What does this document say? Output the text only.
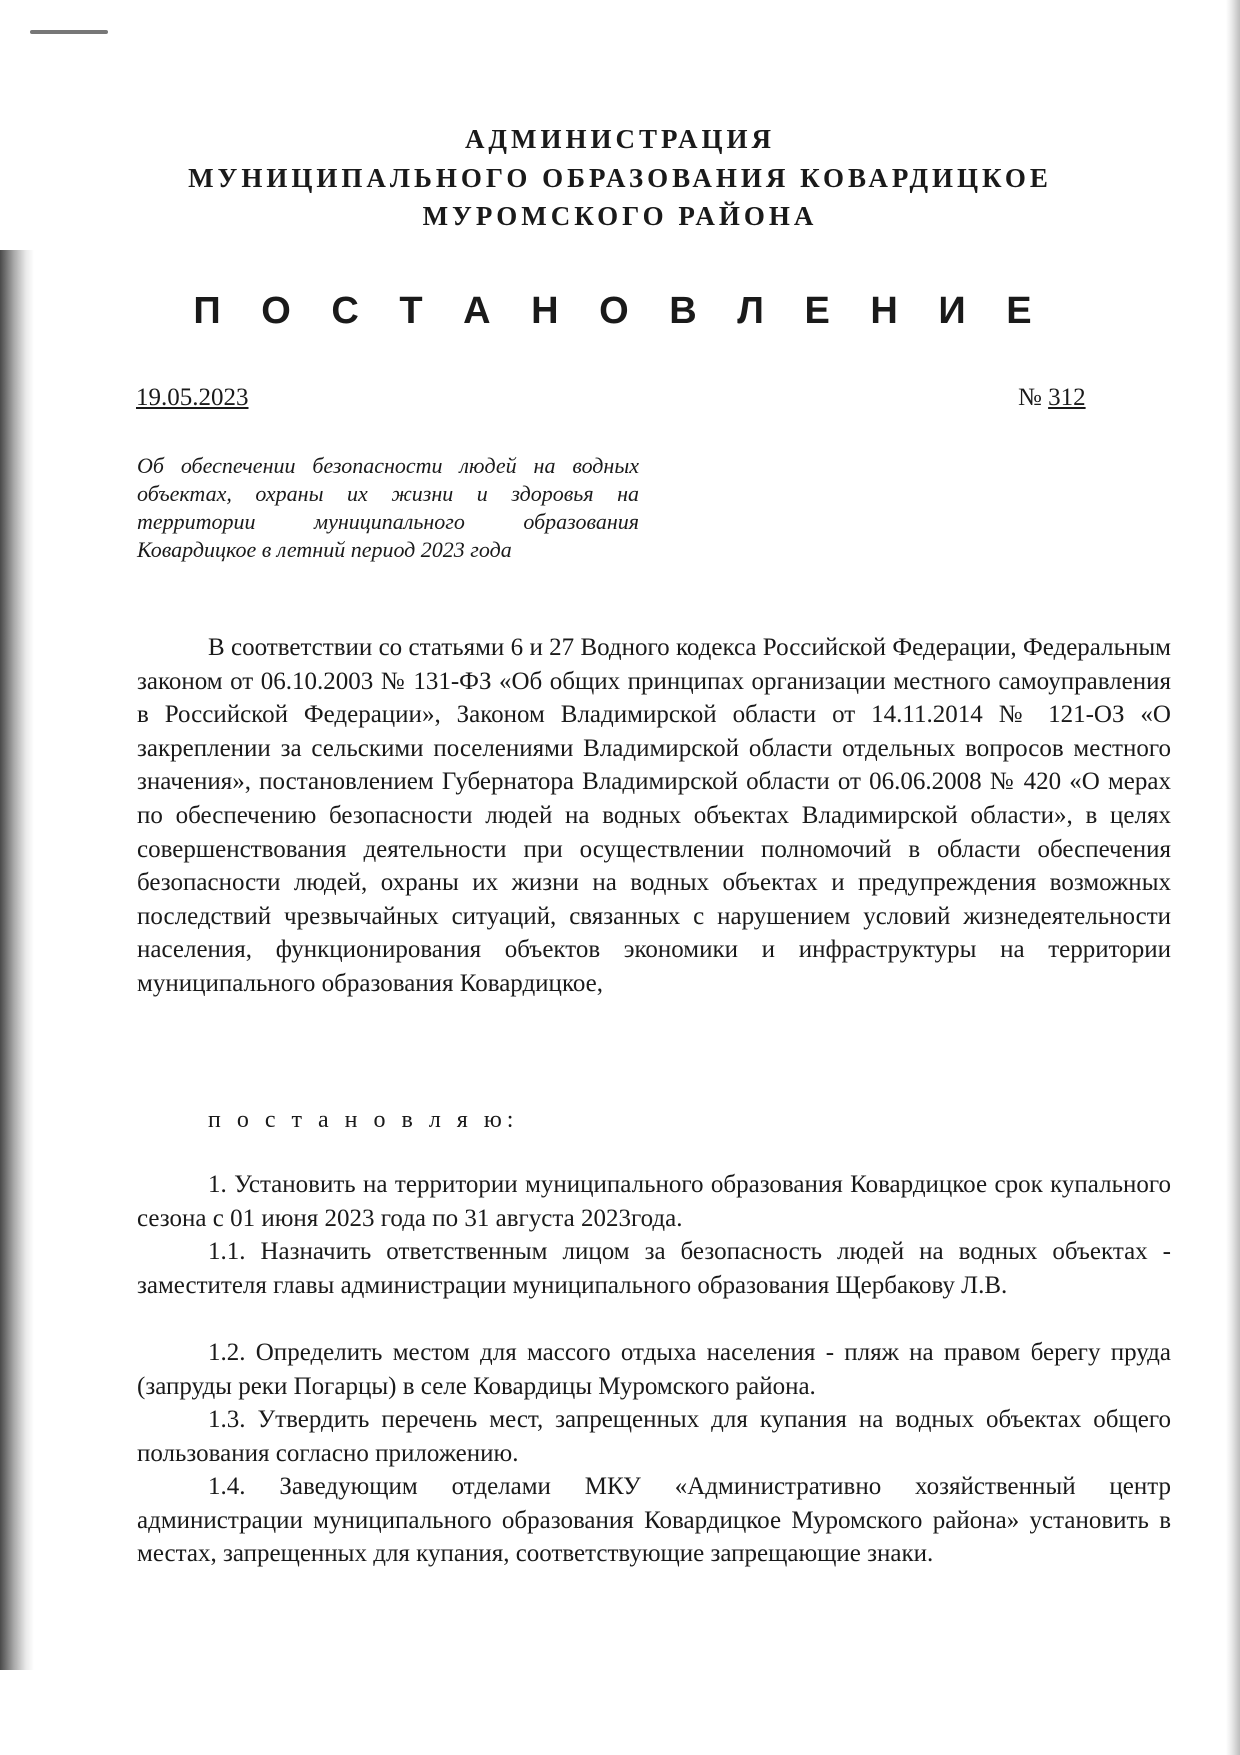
АДМИНИСТРАЦИЯ
МУНИЦИПАЛЬНОГО ОБРАЗОВАНИЯ КОВАРДИЦКОЕ
МУРОМСКОГО РАЙОНА
П О С Т А Н О В Л Е Н И Е
19.05.2023	№ 312
Об обеспечении безопасности людей на водных объектах, охраны их жизни и здоровья на территории муниципального образования Ковардицкое в летний период 2023 года
В соответствии со статьями 6 и 27 Водного кодекса Российской Федерации, Федеральным законом от 06.10.2003 № 131-ФЗ «Об общих принципах организации местного самоуправления в Российской Федерации», Законом Владимирской области от 14.11.2014 № 121-ОЗ «О закреплении за сельскими поселениями Владимирской области отдельных вопросов местного значения», постановлением Губернатора Владимирской области от 06.06.2008 № 420 «О мерах по обеспечению безопасности людей на водных объектах Владимирской области», в целях совершенствования деятельности при осуществлении полномочий в области обеспечения безопасности людей, охраны их жизни на водных объектах и предупреждения возможных последствий чрезвычайных ситуаций, связанных с нарушением условий жизнедеятельности населения, функционирования объектов экономики и инфраструктуры на территории муниципального образования Ковардицкое,
п о с т а н о в л я ю:
1. Установить на территории муниципального образования Ковардицкое срок купального сезона с 01 июня 2023 года по 31 августа 2023года.
1.1. Назначить ответственным лицом за безопасность людей на водных объектах - заместителя главы администрации муниципального образования Щербакову Л.В.
1.2. Определить местом для массого отдыха населения - пляж на правом берегу пруда (запруды реки Погарцы) в селе Ковардицы Муромского района.
1.3. Утвердить перечень мест, запрещенных для купания на водных объектах общего пользования согласно приложению.
1.4. Заведующим отделами МКУ «Административно хозяйственный центр администрации муниципального образования Ковардицкое Муромского района» установить в местах, запрещенных для купания, соответствующие запрещающие знаки.
